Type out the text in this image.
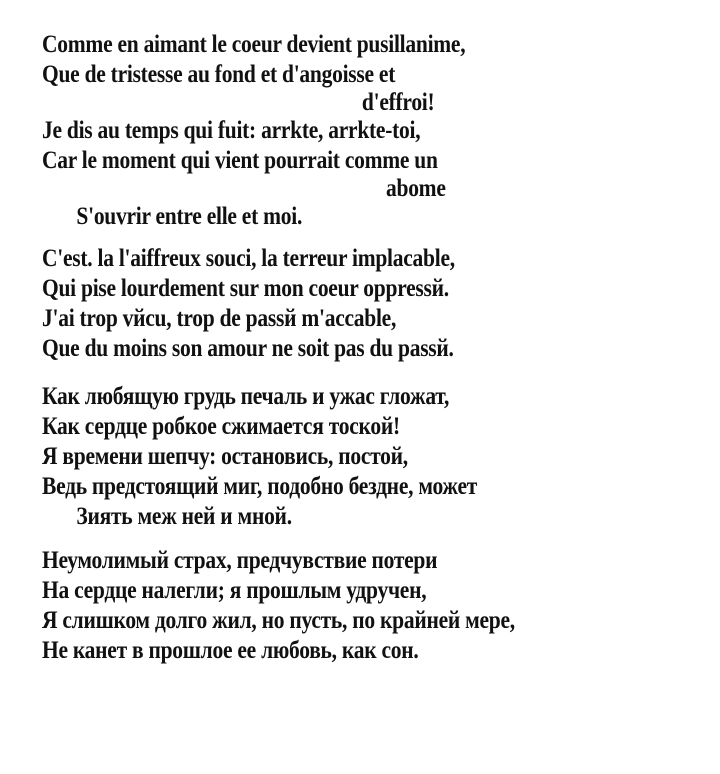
Comme en aimant le coeur devient pusillanime,
Que de tristesse au fond et d'angoisse et
d'effroi!
Je dis au temps qui fuit: arrkte, arrkte-toi,
Car le moment qui vient pourrait comme un
abome
S'ouvrir entre elle et moi.
C'est. la l'aiffreux souci, la terreur implacable,
Qui pise lourdement sur mon coeur oppressй.
J'ai trop vйcu, trop de passй m'accable,
Que du moins son amour ne soit pas du passй.
Как любящую грудь печаль и ужас гложат,
Как сердце робкое сжимается тоской!
Я времени шепчу: остановись, постой,
Ведь предстоящий миг, подобно бездне, может
Зиять меж ней и мной.
Неумолимый страх, предчувствие потери
На сердце налегли; я прошлым удручен,
Я слишком долго жил, но пусть, по крайней мере,
Не канет в прошлое ее любовь, как сон.
